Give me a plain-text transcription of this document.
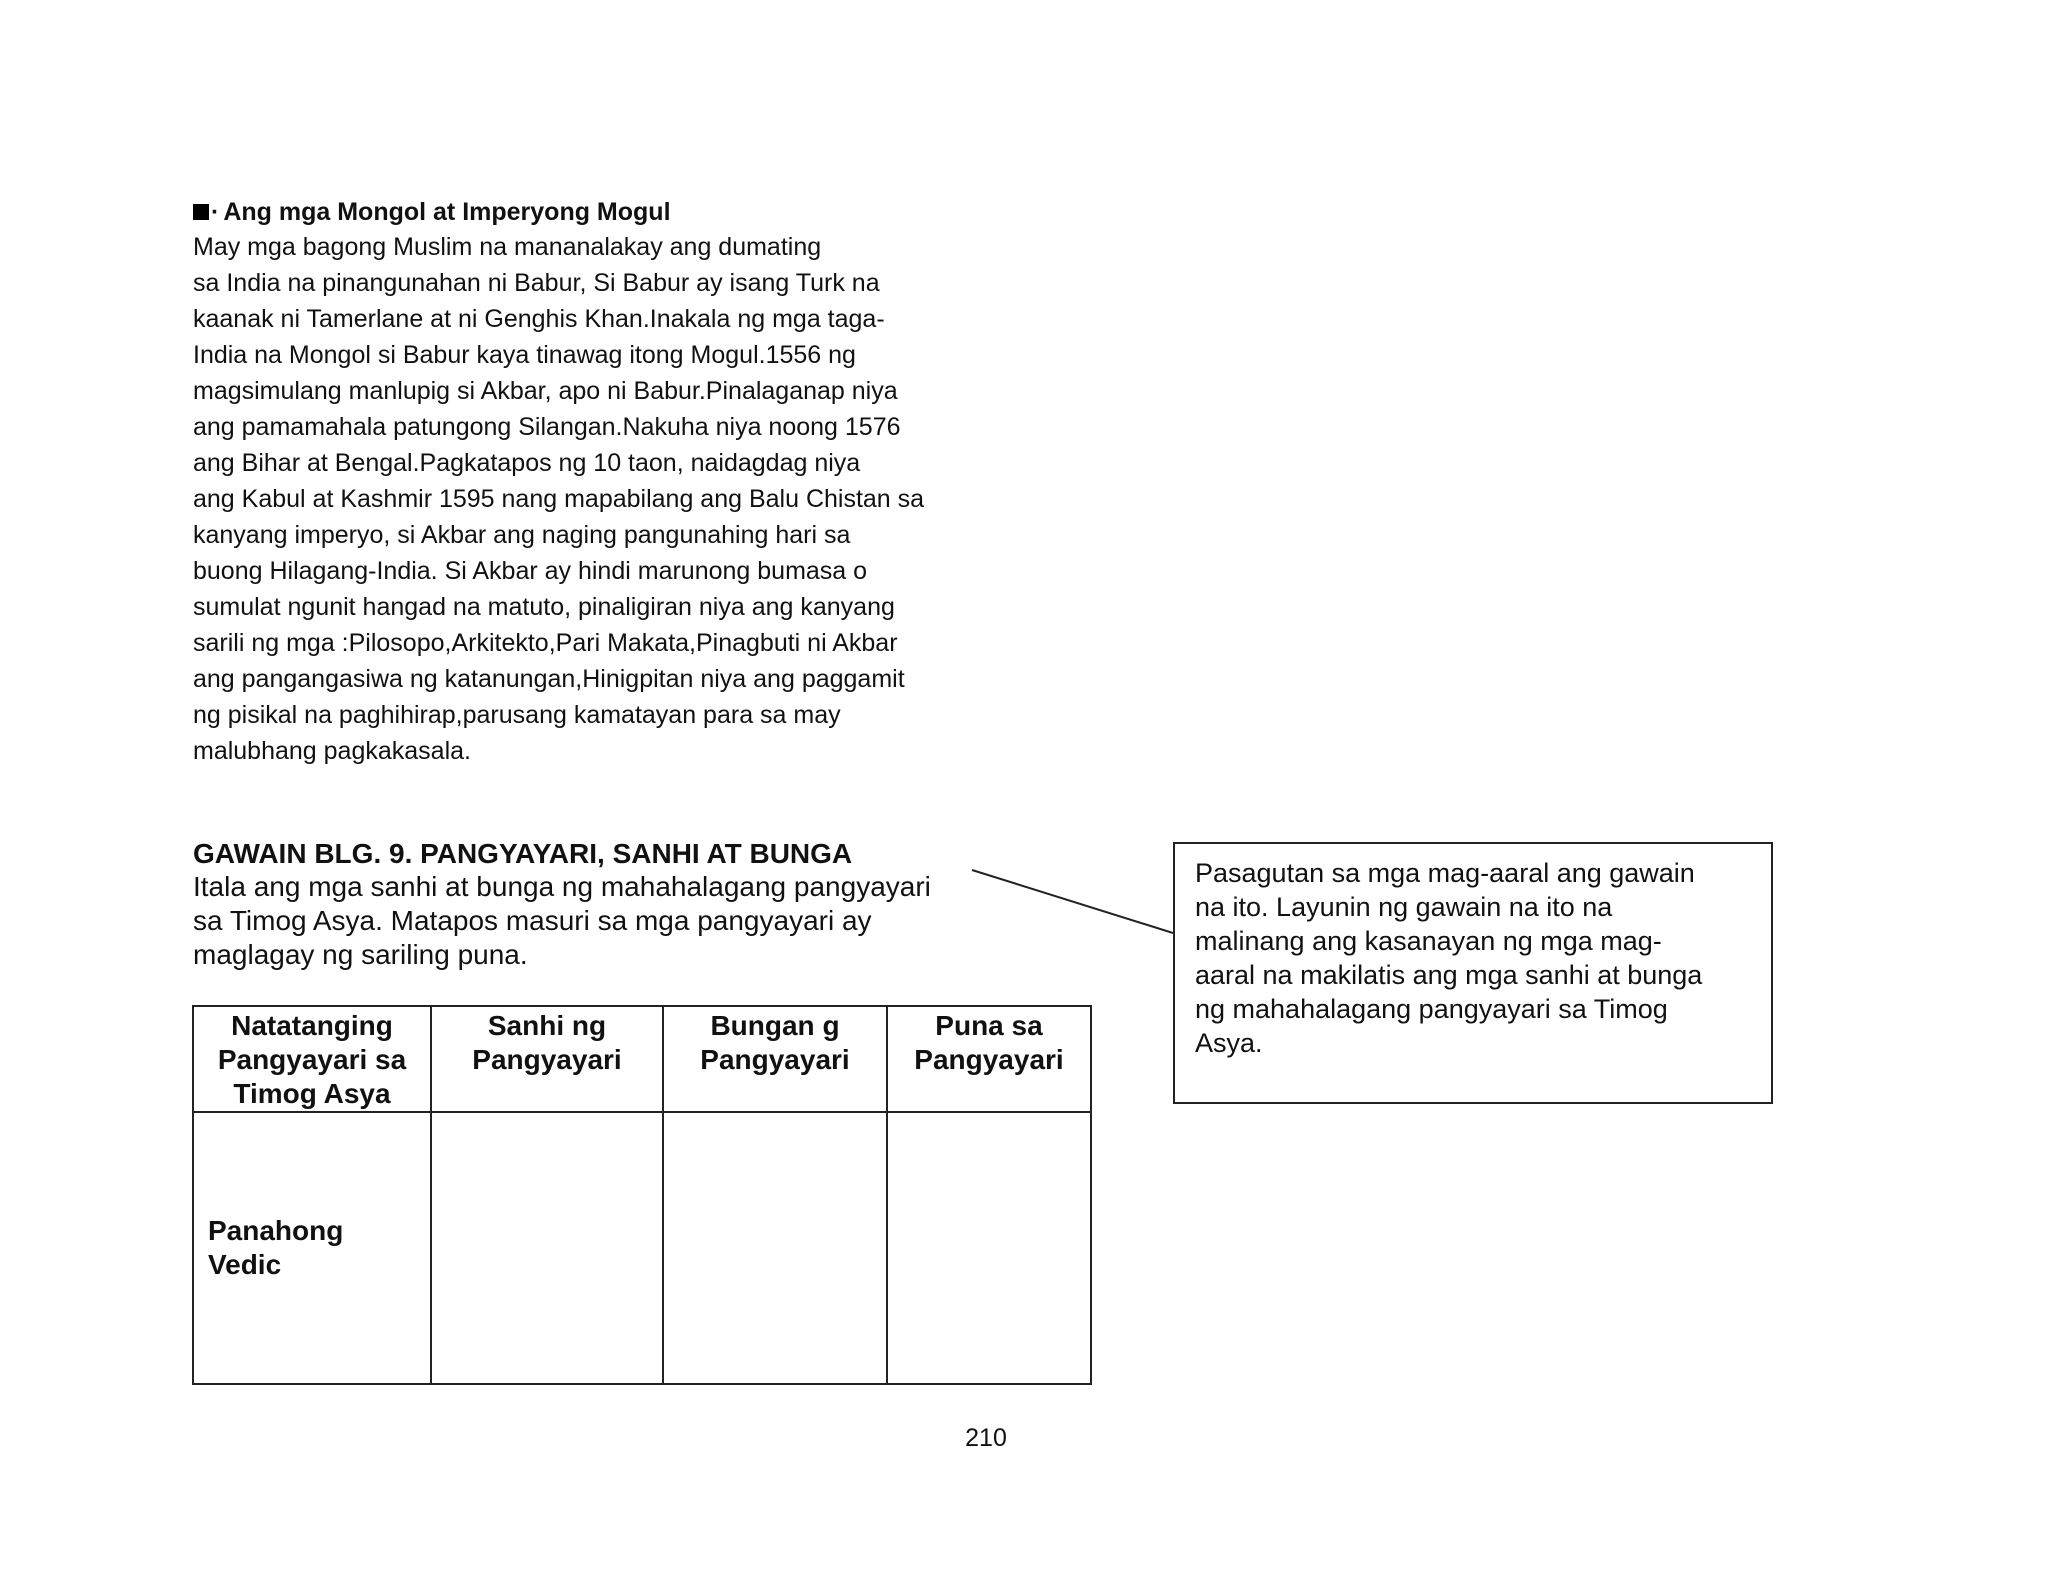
· Ang mga Mongol at Imperyong Mogul
May mga bagong Muslim na mananalakay ang dumating
sa India na pinangunahan ni Babur, Si Babur ay isang Turk na
kaanak ni Tamerlane at ni Genghis Khan.Inakala ng mga taga-
India na Mongol si Babur kaya tinawag itong Mogul.1556 ng
magsimulang manlupig si Akbar, apo ni Babur.Pinalaganap niya
ang pamamahala patungong Silangan.Nakuha niya noong 1576
ang Bihar at Bengal.Pagkatapos ng 10 taon, naidagdag niya
ang Kabul at Kashmir 1595 nang mapabilang ang Balu Chistan sa
kanyang imperyo, si Akbar ang naging pangunahing hari sa
buong Hilagang-India. Si Akbar ay hindi marunong bumasa o
sumulat ngunit hangad na matuto, pinaligiran niya ang kanyang
sarili ng mga :Pilosopo,Arkitekto,Pari Makata,Pinagbuti ni Akbar
ang pangangasiwa ng katanungan,Hinigpitan niya ang paggamit
ng pisikal na paghihirap,parusang kamatayan para sa may
malubhang pagkakasala.
GAWAIN BLG. 9. PANGYAYARI, SANHI AT BUNGA
Itala ang mga sanhi at bunga ng mahahalagang pangyayari
sa Timog Asya. Matapos masuri sa mga pangyayari ay
maglagay ng sariling puna.
Pasagutan sa mga mag-aaral ang gawain
na ito. Layunin ng gawain na ito na
malinang ang kasanayan ng mga mag-
aaral na makilatis ang mga sanhi at bunga
ng mahahalagang pangyayari sa Timog
Asya.
Natatanging
Pangyayari sa
Timog Asya	Sanhi ng
Pangyayari	Bungan g
Pangyayari	Puna sa
Pangyayari

Panahong
Vedic			

210
